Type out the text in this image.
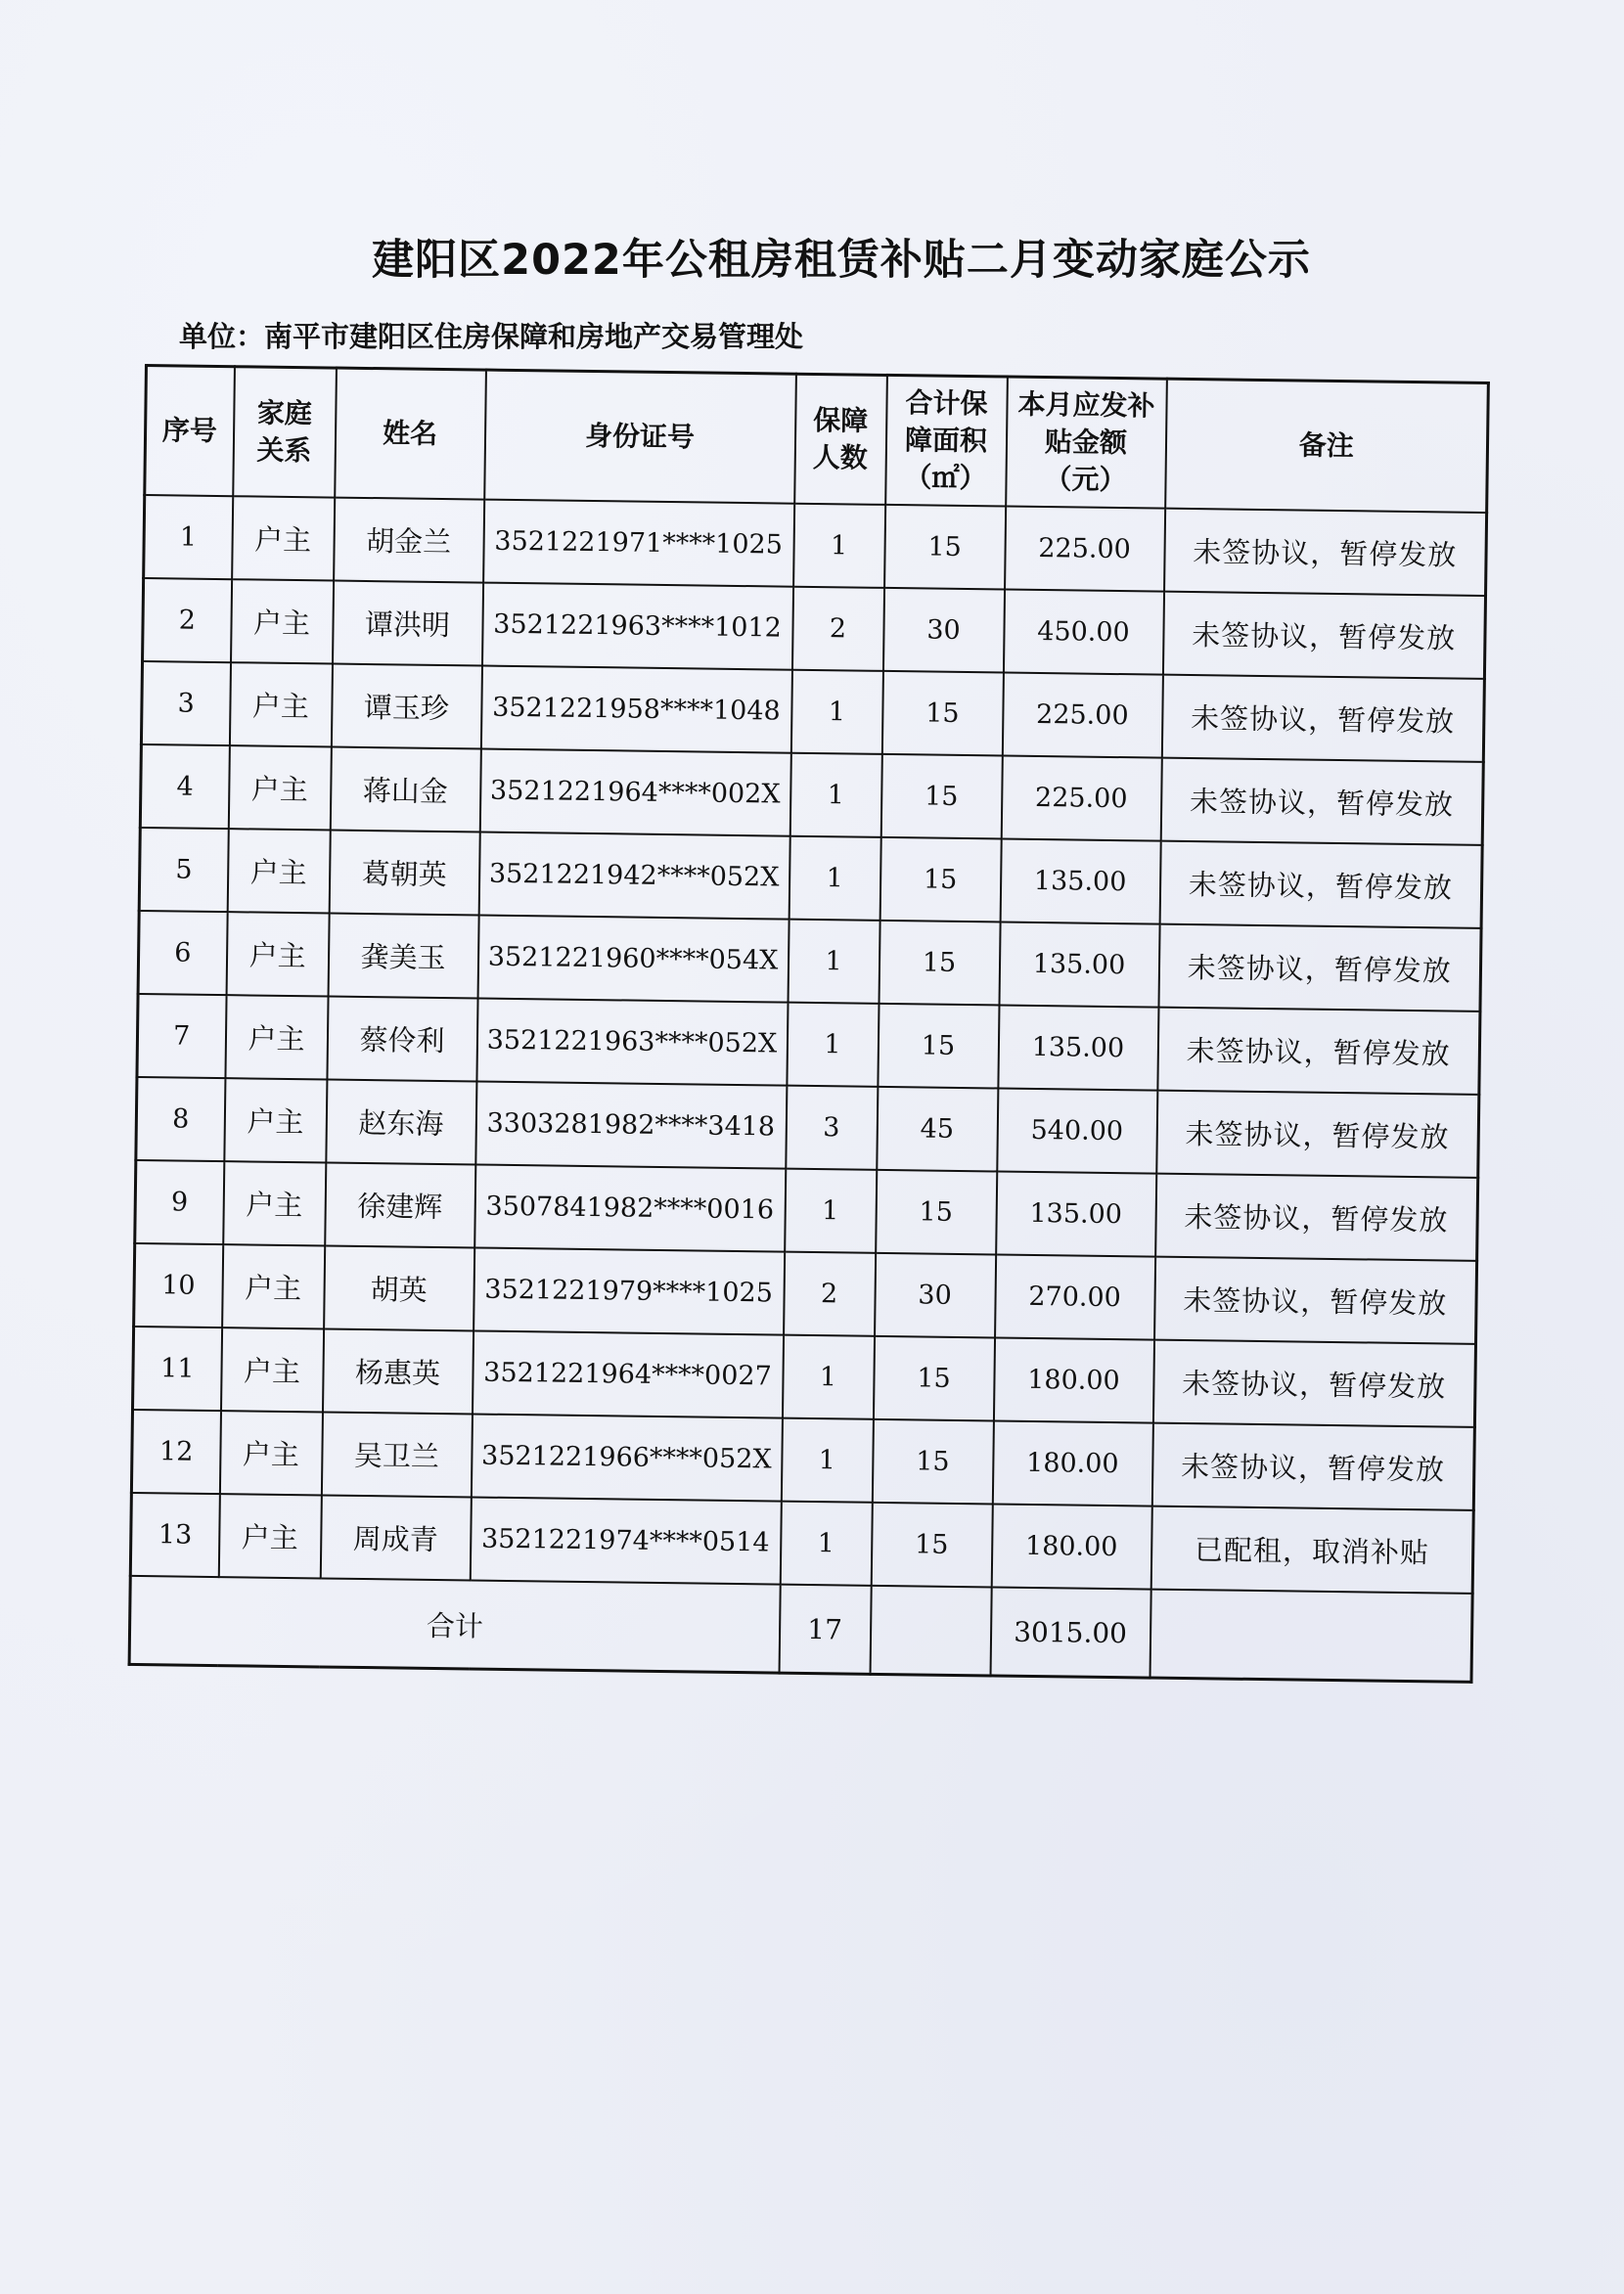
建阳区2022年公租房租赁补贴二月变动家庭公示

单位：南平市建阳区住房保障和房地产交易管理处

序号	家庭关系	姓名	身份证号	保障人数	合计保障面积（㎡）	本月应发补贴金额（元）	备注
1	户主	胡金兰	3521221971****1025	1	15	225.00	未签协议，暂停发放
2	户主	谭洪明	3521221963****1012	2	30	450.00	未签协议，暂停发放
3	户主	谭玉珍	3521221958****1048	1	15	225.00	未签协议，暂停发放
4	户主	蒋山金	3521221964****002X	1	15	225.00	未签协议，暂停发放
5	户主	葛朝英	3521221942****052X	1	15	135.00	未签协议，暂停发放
6	户主	龚美玉	3521221960****054X	1	15	135.00	未签协议，暂停发放
7	户主	蔡伶利	3521221963****052X	1	15	135.00	未签协议，暂停发放
8	户主	赵东海	3303281982****3418	3	45	540.00	未签协议，暂停发放
9	户主	徐建辉	3507841982****0016	1	15	135.00	未签协议，暂停发放
10	户主	胡英	3521221979****1025	2	30	270.00	未签协议，暂停发放
11	户主	杨惠英	3521221964****0027	1	15	180.00	未签协议，暂停发放
12	户主	吴卫兰	3521221966****052X	1	15	180.00	未签协议，暂停发放
13	户主	周成青	3521221974****0514	1	15	180.00	已配租，取消补贴
合计				17		3015.00	
